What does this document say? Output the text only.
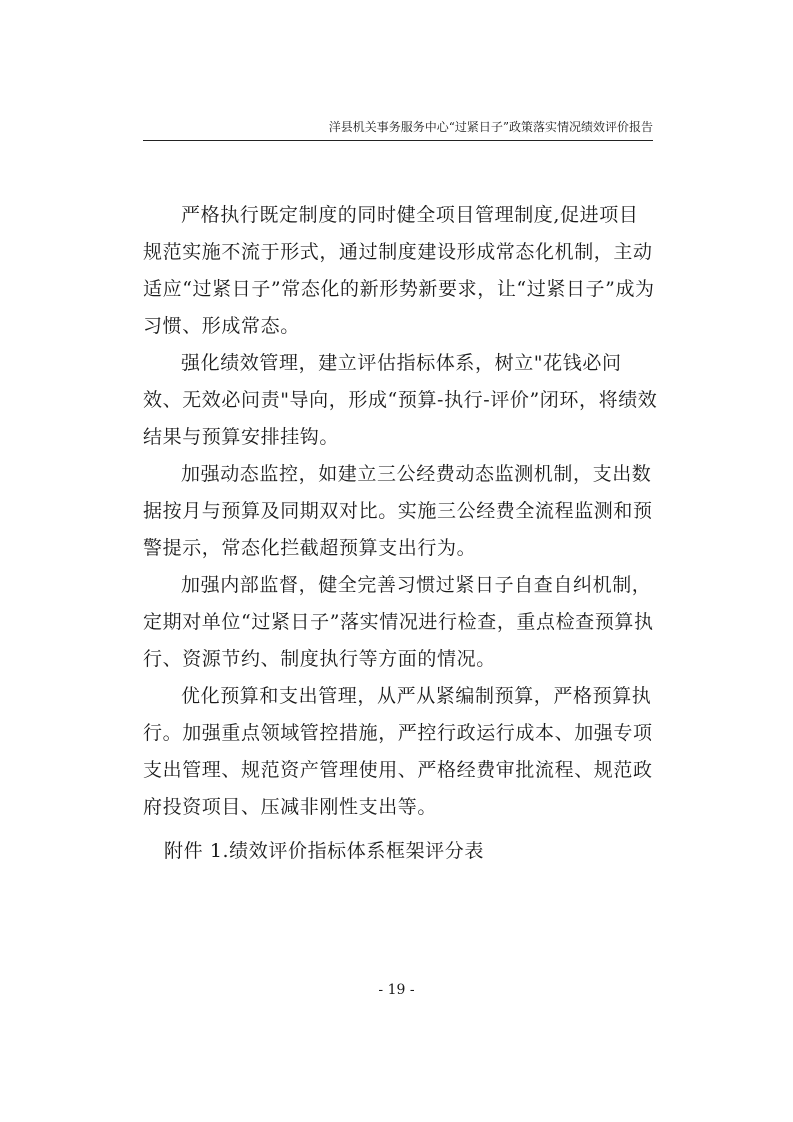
洋县机关事务服务中心“过紧日子”政策落实情况绩效评价报告

严格执行既定制度的同时健全项目管理制度,促进项目规范实施不流于形式，通过制度建设形成常态化机制，主动适应“过紧日子”常态化的新形势新要求，让“过紧日子”成为习惯、形成常态。

强化绩效管理，建立评估指标体系，树立"花钱必问效、无效必问责"导向，形成“预算-执行-评价”闭环，将绩效结果与预算安排挂钩。

加强动态监控，如建立三公经费动态监测机制，支出数据按月与预算及同期双对比。实施三公经费全流程监测和预警提示，常态化拦截超预算支出行为。

加强内部监督，健全完善习惯过紧日子自查自纠机制，定期对单位“过紧日子”落实情况进行检查，重点检查预算执行、资源节约、制度执行等方面的情况。

优化预算和支出管理，从严从紧编制预算，严格预算执行。加强重点领域管控措施，严控行政运行成本、加强专项支出管理、规范资产管理使用、严格经费审批流程、规范政府投资项目、压减非刚性支出等。

附件 1.绩效评价指标体系框架评分表
- 19 -
